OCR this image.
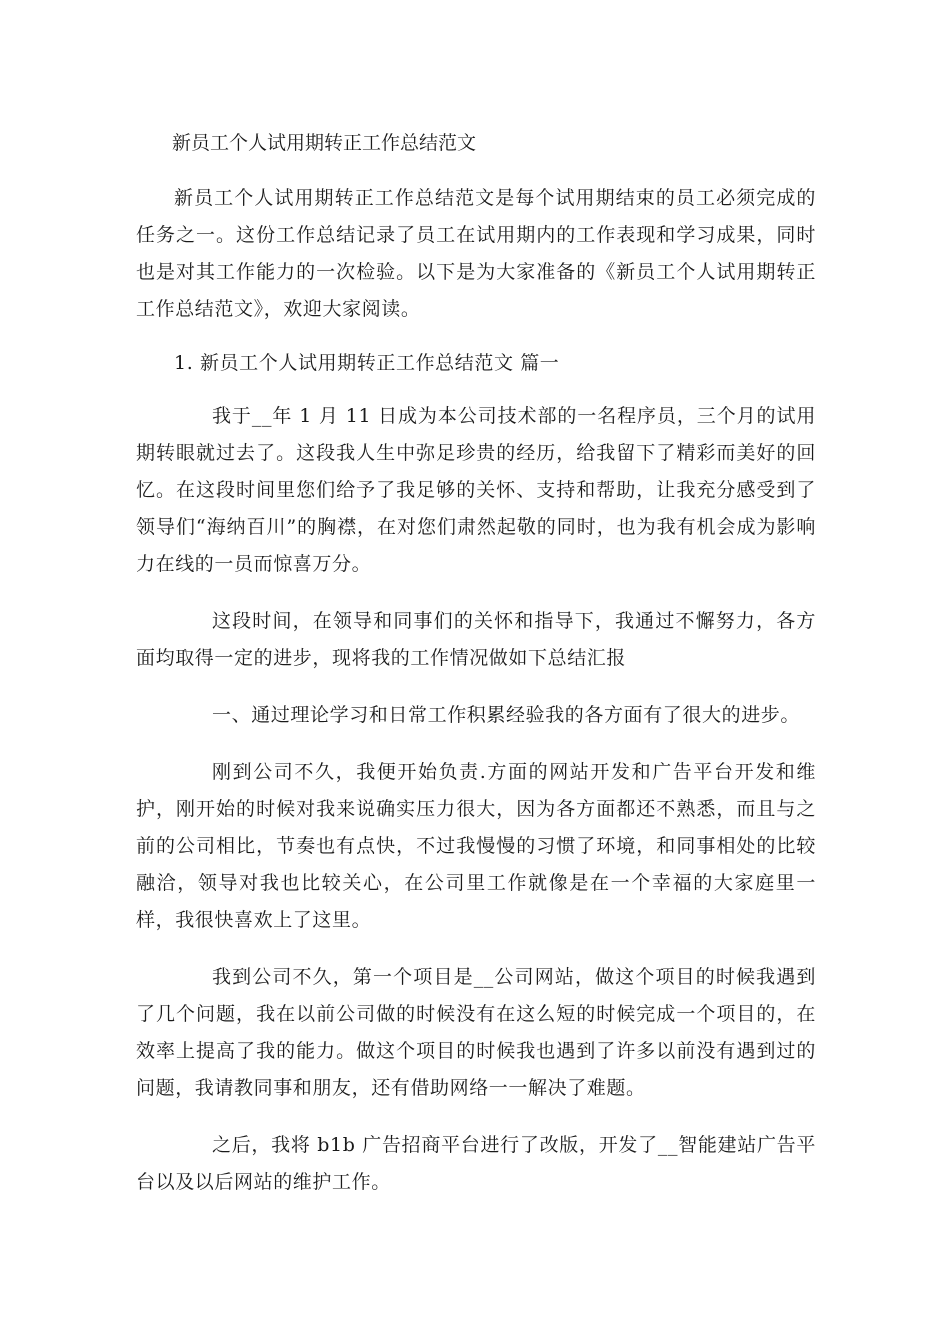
新员工个人试用期转正工作总结范文

新员工个人试用期转正工作总结范文是每个试用期结束的员工必须完成的任务之一。这份工作总结记录了员工在试用期内的工作表现和学习成果，同时也是对其工作能力的一次检验。以下是为大家准备的《新员工个人试用期转正工作总结范文》，欢迎大家阅读。

1. 新员工个人试用期转正工作总结范文 篇一

我于__年 1 月 11 日成为本公司技术部的一名程序员，三个月的试用期转眼就过去了。这段我人生中弥足珍贵的经历，给我留下了精彩而美好的回忆。在这段时间里您们给予了我足够的关怀、支持和帮助，让我充分感受到了领导们“海纳百川”的胸襟，在对您们肃然起敬的同时，也为我有机会成为影响力在线的一员而惊喜万分。

这段时间，在领导和同事们的关怀和指导下，我通过不懈努力，各方面均取得一定的进步，现将我的工作情况做如下总结汇报

一、通过理论学习和日常工作积累经验我的各方面有了很大的进步。

刚到公司不久，我便开始负责.方面的网站开发和广告平台开发和维护，刚开始的时候对我来说确实压力很大，因为各方面都还不熟悉，而且与之前的公司相比，节奏也有点快，不过我慢慢的习惯了环境，和同事相处的比较融洽，领导对我也比较关心，在公司里工作就像是在一个幸福的大家庭里一样，我很快喜欢上了这里。

我到公司不久，第一个项目是__公司网站，做这个项目的时候我遇到了几个问题，我在以前公司做的时候没有在这么短的时候完成一个项目的，在效率上提高了我的能力。做这个项目的时候我也遇到了许多以前没有遇到过的问题，我请教同事和朋友，还有借助网络一一解决了难题。

之后，我将 b1b 广告招商平台进行了改版，开发了__智能建站广告平台以及以后网站的维护工作。
